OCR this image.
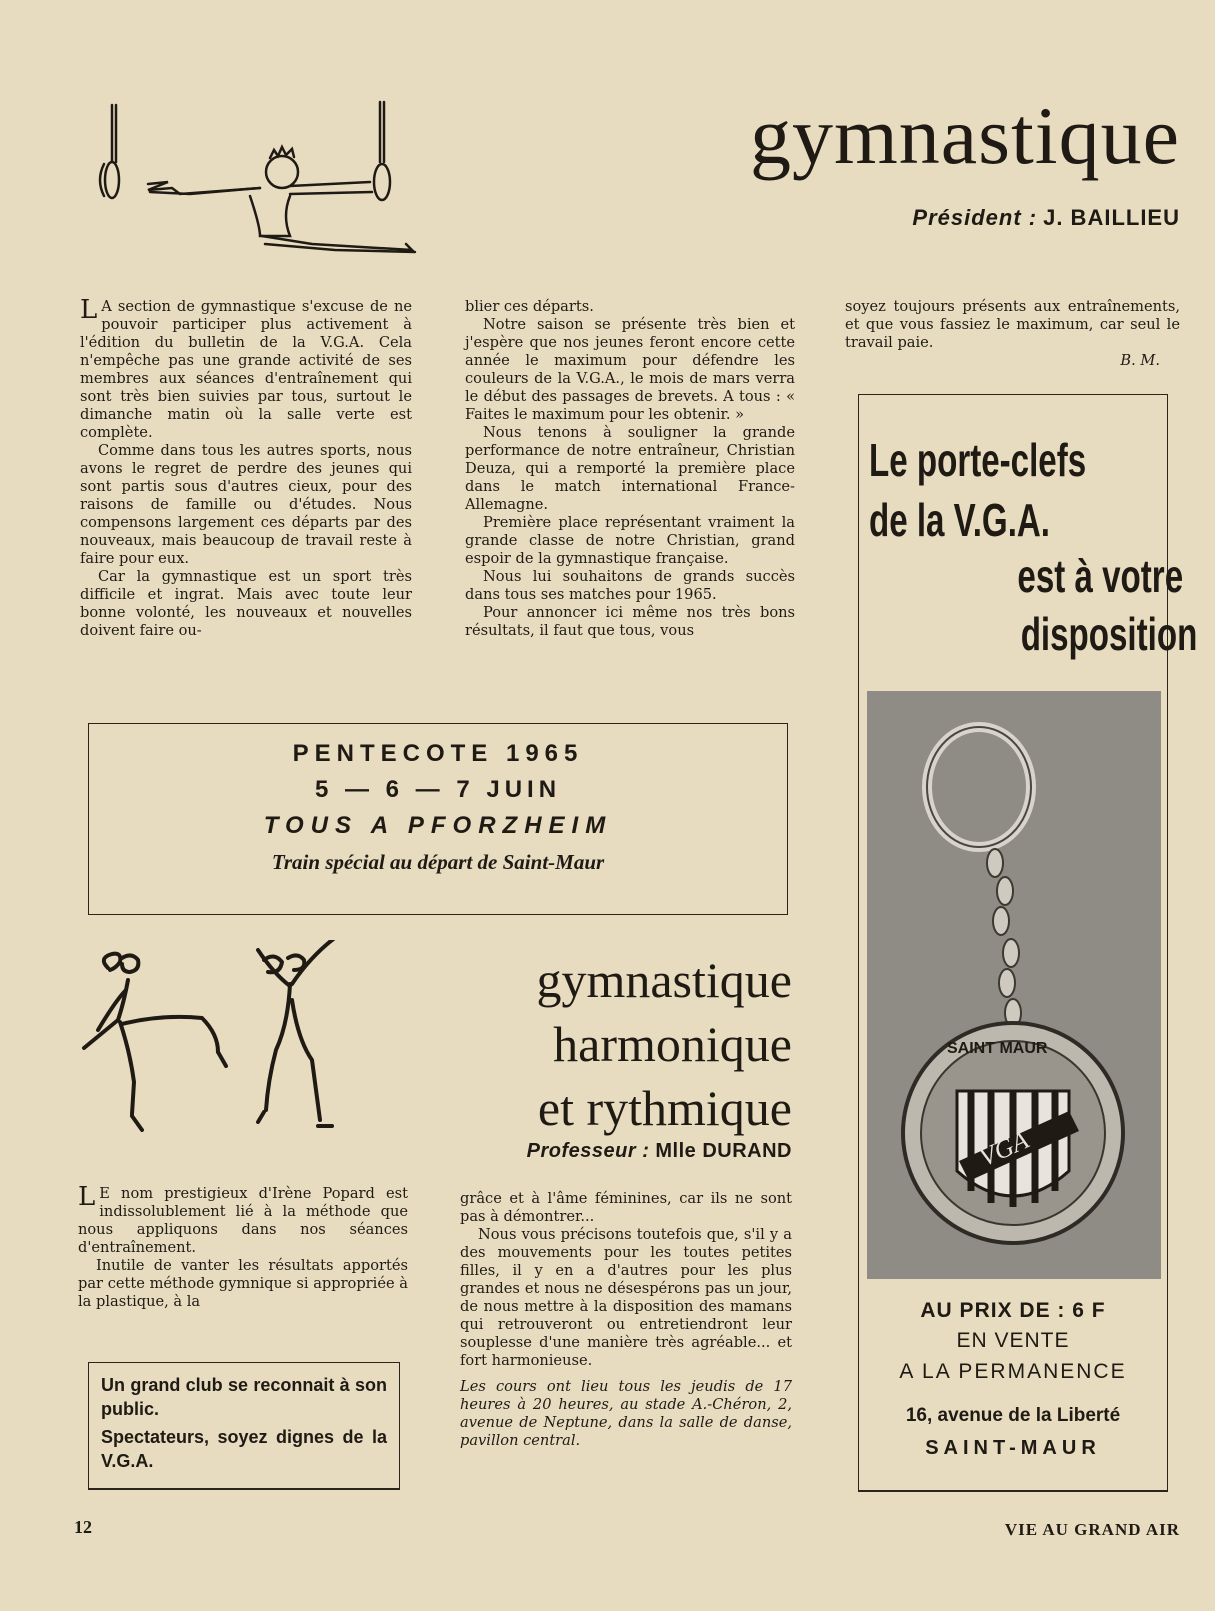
gymnastique
Président : J. BAILLIEU

L A section de gymnastique s'excuse de ne pouvoir participer plus activement à l'édition du bulletin de la V.G.A. Cela n'empêche pas une grande activité de ses membres aux séances d'entraînement qui sont très bien suivies par tous, surtout le dimanche matin où la salle verte est complète.

Comme dans tous les autres sports, nous avons le regret de perdre des jeunes qui sont partis sous d'autres cieux, pour des raisons de famille ou d'études. Nous compensons largement ces départs par des nouveaux, mais beaucoup de travail reste à faire pour eux.

Car la gymnastique est un sport très difficile et ingrat. Mais avec toute leur bonne volonté, les nouveaux et nouvelles doivent faire ou-

blier ces départs.

Notre saison se présente très bien et j'espère que nos jeunes feront encore cette année le maximum pour défendre les couleurs de la V.G.A., le mois de mars verra le début des passages de brevets. A tous : « Faites le maximum pour les obtenir. »

Nous tenons à souligner la grande performance de notre entraîneur, Christian Deuza, qui a remporté la première place dans le match international France-Allemagne.

Première place représentant vraiment la grande classe de notre Christian, grand espoir de la gymnastique française.

Nous lui souhaitons de grands succès dans tous ses matches pour 1965.

Pour annoncer ici même nos très bons résultats, il faut que tous, vous

soyez toujours présents aux entraînements, et que vous fassiez le maximum, car seul le travail paie.

B. M.

PENTECOTE 1965
5 — 6 — 7 JUIN
TOUS A PFORZHEIM
Train spécial au départ de Saint-Maur
gymnastique
harmonique
et rythmique
Professeur : Mlle DURAND

L E nom prestigieux d'Irène Popard est indissolublement lié à la méthode que nous appliquons dans nos séances d'entraînement.

Inutile de vanter les résultats apportés par cette méthode gymnique si appropriée à la plastique, à la

grâce et à l'âme féminines, car ils ne sont pas à démontrer...

Nous vous précisons toutefois que, s'il y a des mouvements pour les toutes petites filles, il y en a d'autres pour les plus grandes et nous ne désespérons pas un jour, de nous mettre à la disposition des mamans qui retrouveront ou entretiendront leur souplesse d'une manière très agréable... et fort harmonieuse.

Les cours ont lieu tous les jeudis de 17 heures à 20 heures, au stade A.-Chéron, 2, avenue de Neptune, dans la salle de danse, pavillon central.

Un grand club se reconnait à son public.
Spectateurs, soyez dignes de la V.G.A.
Le porte-clefs
de la V.G.A.
est à votre
disposition
VGA
SAINT MAUR
AU PRIX DE : 6 F
EN VENTE
A LA PERMANENCE
16, avenue de la Liberté
SAINT-MAUR
12	VIE AU GRAND AIR
